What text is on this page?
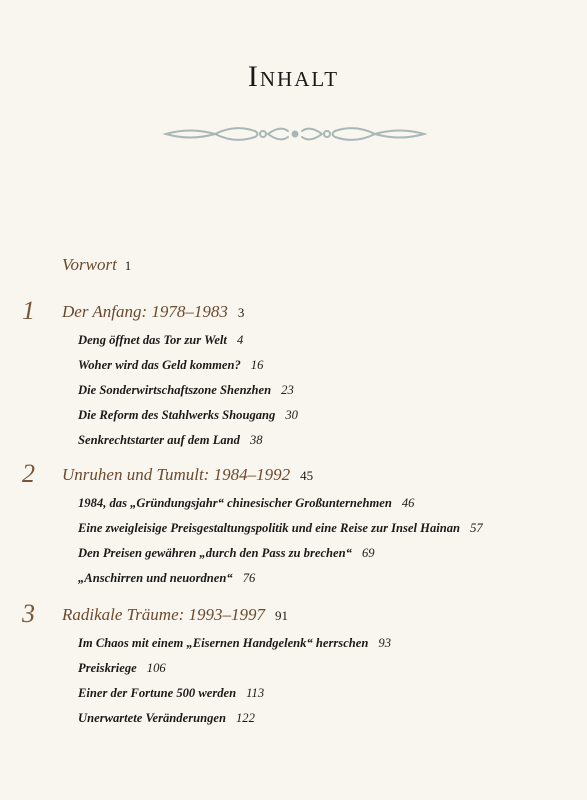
Inhalt
Vorwort 1
1 Der Anfang: 1978–1983 3
Deng öffnet das Tor zur Welt 4
Woher wird das Geld kommen? 16
Die Sonderwirtschaftszone Shenzhen 23
Die Reform des Stahlwerks Shougang 30
Senkrechtstarter auf dem Land 38
2 Unruhen und Tumult: 1984–1992 45
1984, das „Gründungsjahr“ chinesischer Großunternehmen 46
Eine zweigleisige Preisgestaltungspolitik und eine Reise zur Insel Hainan 57
Den Preisen gewähren „durch den Pass zu brechen“ 69
„Anschirren und neuordnen“ 76
3 Radikale Träume: 1993–1997 91
Im Chaos mit einem „Eisernen Handgelenk“ herrschen 93
Preiskriege 106
Einer der Fortune 500 werden 113
Unerwartete Veränderungen 122
